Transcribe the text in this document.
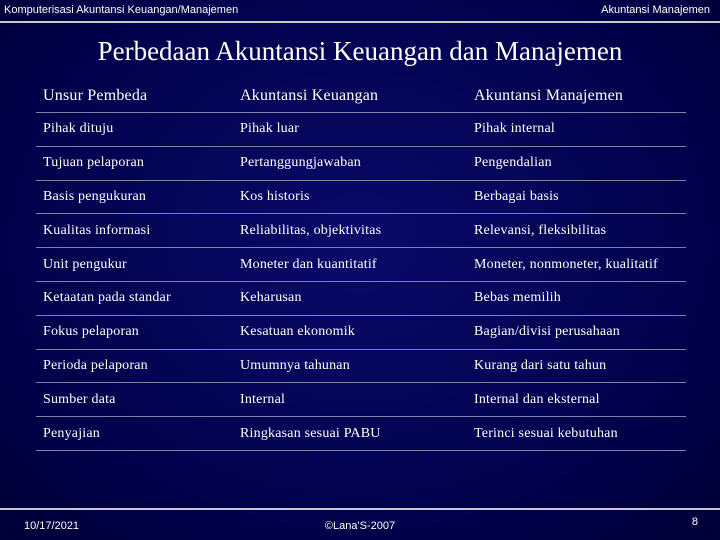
Komputerisasi Akuntansi Keuangan/Manajemen	Akuntansi Manajemen
Perbedaan Akuntansi Keuangan dan Manajemen
Unsur Pembeda	Akuntansi Keuangan	Akuntansi Manajemen
Pihak dituju	Pihak luar	Pihak internal
Tujuan pelaporan	Pertanggungjawaban	Pengendalian
Basis pengukuran	Kos historis	Berbagai basis
Kualitas informasi	Reliabilitas, objektivitas	Relevansi, fleksibilitas
Unit pengukur	Moneter dan kuantitatif	Moneter, nonmoneter, kualitatif
Ketaatan pada standar	Keharusan	Bebas memilih
Fokus pelaporan	Kesatuan ekonomik	Bagian/divisi perusahaan
Perioda pelaporan	Umumnya tahunan	Kurang dari satu tahun
Sumber data	Internal	Internal dan eksternal
Penyajian	Ringkasan sesuai PABU	Terinci sesuai kebutuhan
10/17/2021	©Lana'S-2007	8
